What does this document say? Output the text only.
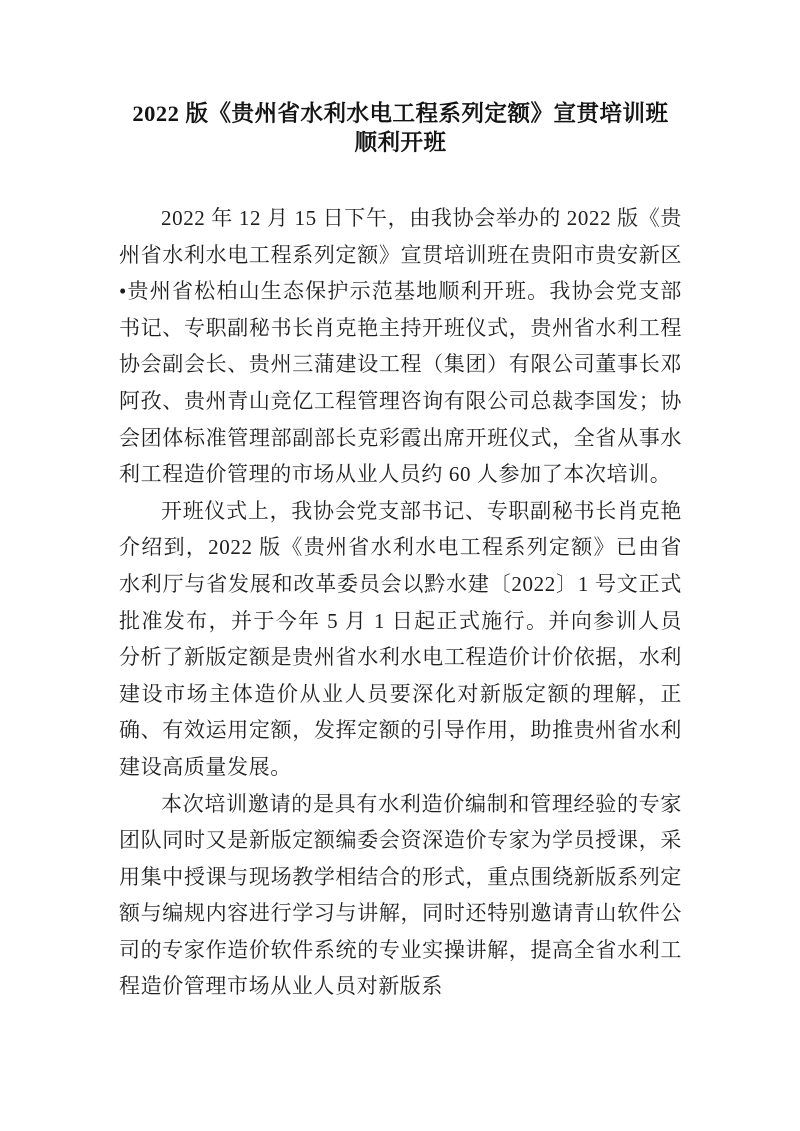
2022 版《贵州省水利水电工程系列定额》宣贯培训班
顺利开班

2022 年 12 月 15 日下午，由我协会举办的 2022 版《贵州省水利水电工程系列定额》宣贯培训班在贵阳市贵安新区•贵州省松柏山生态保护示范基地顺利开班。我协会党支部书记、专职副秘书长肖克艳主持开班仪式，贵州省水利工程协会副会长、贵州三蒲建设工程（集团）有限公司董事长邓阿孜、贵州青山竞亿工程管理咨询有限公司总裁李国发；协会团体标准管理部副部长克彩霞出席开班仪式，全省从事水利工程造价管理的市场从业人员约 60 人参加了本次培训。

开班仪式上，我协会党支部书记、专职副秘书长肖克艳介绍到，2022 版《贵州省水利水电工程系列定额》已由省水利厅与省发展和改革委员会以黔水建〔2022〕1 号文正式批准发布，并于今年 5 月 1 日起正式施行。并向参训人员分析了新版定额是贵州省水利水电工程造价计价依据，水利建设市场主体造价从业人员要深化对新版定额的理解，正确、有效运用定额，发挥定额的引导作用，助推贵州省水利建设高质量发展。

本次培训邀请的是具有水利造价编制和管理经验的专家团队同时又是新版定额编委会资深造价专家为学员授课，采用集中授课与现场教学相结合的形式，重点围绕新版系列定额与编规内容进行学习与讲解，同时还特别邀请青山软件公司的专家作造价软件系统的专业实操讲解，提高全省水利工程造价管理市场从业人员对新版系
